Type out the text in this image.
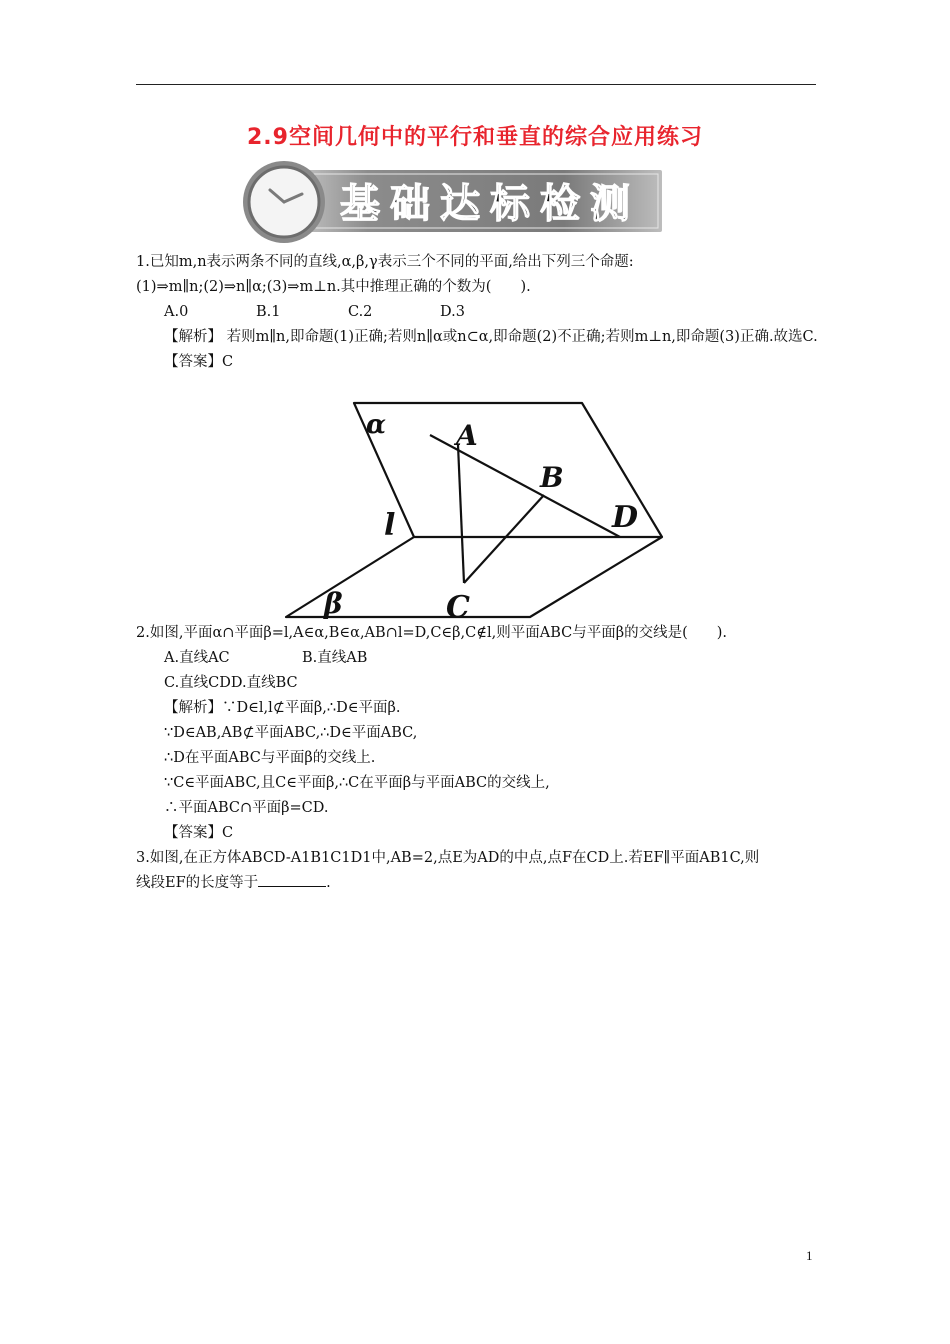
2.9空间几何中的平行和垂直的综合应用练习
基础达标检测

1.已知m,n表示两条不同的直线,α,β,γ表示三个不同的平面,给出下列三个命题:

(1)⇒m∥n;(2)⇒n∥α;(3)⇒m⊥n.其中推理正确的个数为(　　).

A.0	B.1	C.2	D.3

【解析】 若则m∥n,即命题(1)正确;若则n∥α或n⊂α,即命题(2)不正确;若则m⊥n,即命题(3)正确.故选C.

【答案】C

2.如图,平面α∩平面β=l,A∈α,B∈α,AB∩l=D,C∈β,C∉l,则平面ABC与平面β的交线是(　　).

A.直线AC	B.直线AB

C.直线CDD.直线BC

【解析】∵D∈l,l⊄平面β,∴D∈平面β.

∵D∈AB,AB⊄平面ABC,∴D∈平面ABC,

∴D在平面ABC与平面β的交线上.

∵C∈平面ABC,且C∈平面β,∴C在平面β与平面ABC的交线上,

∴平面ABC∩平面β=CD.

【答案】C

3.如图,在正方体ABCD-A1B1C1D1中,AB=2,点E为AD的中点,点F在CD上.若EF∥平面AB1C,则

线段EF的长度等于	.

α
β
l
A
B
C
D
1
